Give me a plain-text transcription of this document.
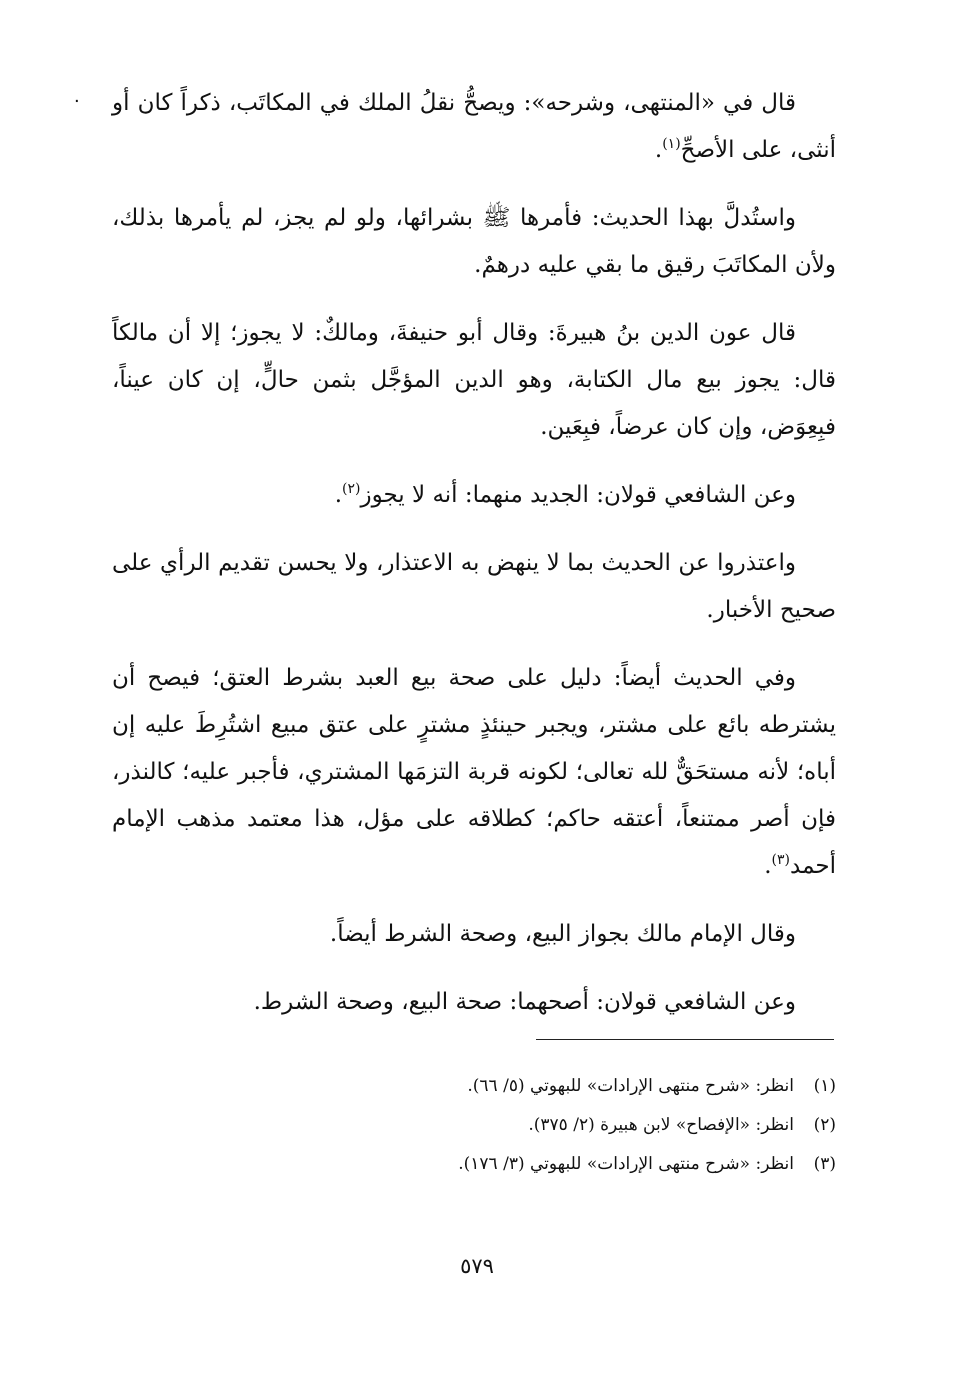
٠ قال في «المنتهى، وشرحه»: ويصحُّ نقلُ الملك في المكاتَب، ذكراً كان أو أنثى، على الأصحِّ$^{(١)}$.

واستُدلَّ بهذا الحديث: فأمرها ﷺ بشرائها، ولو لم يجز، لم يأمرها بذلك، ولأن المكاتَبَ رقيق ما بقي عليه درهمٌ.

قال عون الدين بنُ هبيرةَ: وقال أبو حنيفةَ، ومالكٌ: لا يجوز؛ إلا أن مالكاً قال: يجوز بيع مال الكتابة، وهو الدين المؤجَّل بثمن حالٍّ، إن كان عيناً، فبِعِوَض، وإن كان عرضاً، فبِعَين.

وعن الشافعي قولان: الجديد منهما: أنه لا يجوز$^{(٢)}$.

واعتذروا عن الحديث بما لا ينهض به الاعتذار، ولا يحسن تقديم الرأي على صحيح الأخبار.

وفي الحديث أيضاً: دليل على صحة بيع العبد بشرط العتق؛ فيصح أن يشترطه بائع على مشتر، ويجبر حينئذٍ مشترٍ على عتق مبيع اشتُرِطَ عليه إن أباه؛ لأنه مستحَقٌّ لله تعالى؛ لكونه قربة التزمَها المشتري، فأجبر عليه؛ كالنذر، فإن أصر ممتنعاً، أعتقه حاكم؛ كطلاقه على مؤل، هذا معتمد مذهب الإمام أحمد$^{(٣)}$.

وقال الإمام مالك بجواز البيع، وصحة الشرط أيضاً.

وعن الشافعي قولان: أصحهما: صحة البيع، وصحة الشرط.

(١)انظر: «شرح منتهى الإرادات» للبهوتي (٥/ ٦٦).
(٢)انظر: «الإفصاح» لابن هبيرة (٢/ ٣٧٥).
(٣)انظر: «شرح منتهى الإرادات» للبهوتي (٣/ ١٧٦).
٥٧٩
